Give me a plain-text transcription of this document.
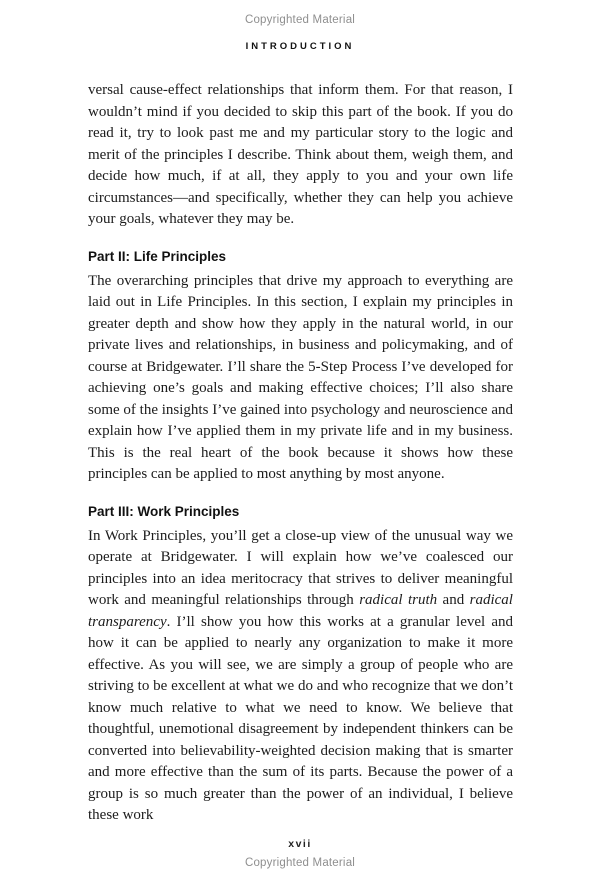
Copyrighted Material
INTRODUCTION

versal cause-effect relationships that inform them. For that reason, I wouldn’t mind if you decided to skip this part of the book. If you do read it, try to look past me and my particular story to the logic and merit of the principles I describe. Think about them, weigh them, and decide how much, if at all, they apply to you and your own life circumstances—and specifically, whether they can help you achieve your goals, whatever they may be.

Part II: Life Principles

The overarching principles that drive my approach to everything are laid out in Life Principles. In this section, I explain my principles in greater depth and show how they apply in the natural world, in our private lives and relationships, in business and policymaking, and of course at Bridgewater. I’ll share the 5-Step Process I’ve developed for achieving one’s goals and making effective choices; I’ll also share some of the insights I’ve gained into psychology and neuroscience and explain how I’ve applied them in my private life and in my business. This is the real heart of the book because it shows how these principles can be applied to most anything by most anyone.

Part III: Work Principles

In Work Principles, you’ll get a close-up view of the unusual way we operate at Bridgewater. I will explain how we’ve coalesced our principles into an idea meritocracy that strives to deliver meaningful work and meaningful relationships through radical truth and radical transparency. I’ll show you how this works at a granular level and how it can be applied to nearly any organization to make it more effective. As you will see, we are simply a group of people who are striving to be excellent at what we do and who recognize that we don’t know much relative to what we need to know. We believe that thoughtful, unemotional disagreement by independent thinkers can be converted into believability-weighted decision making that is smarter and more effective than the sum of its parts. Because the power of a group is so much greater than the power of an individual, I believe these work

xvii
Copyrighted Material
